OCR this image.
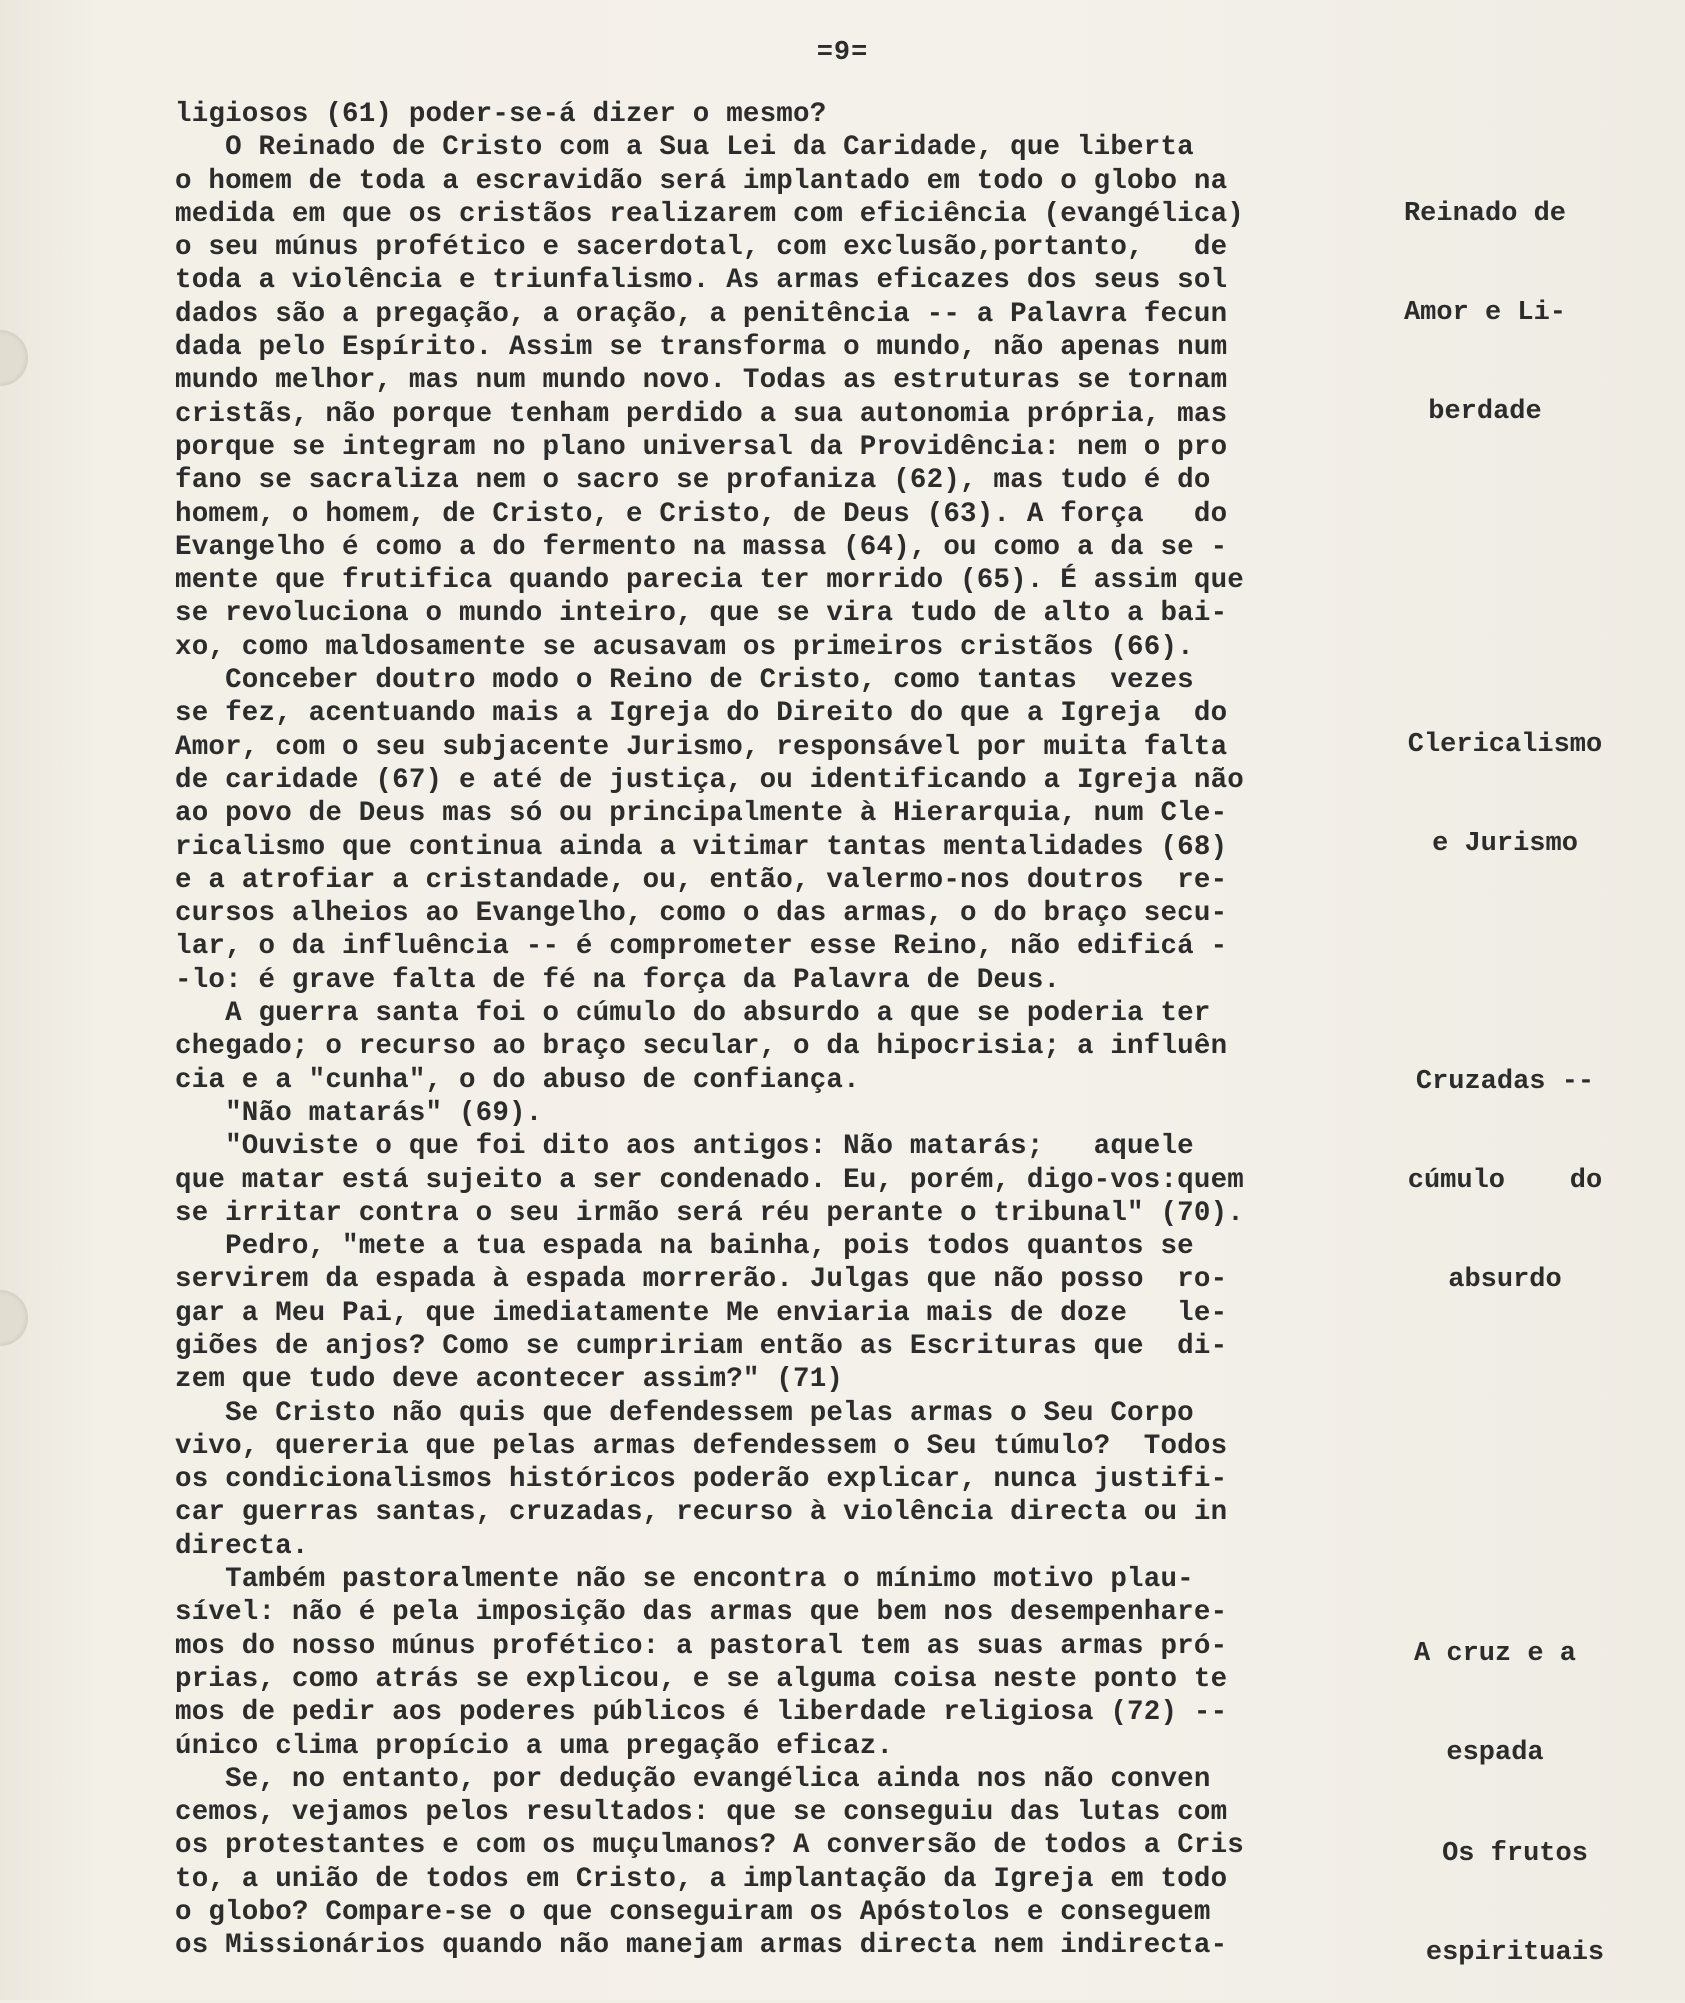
=9=
ligiosos (61) poder-se-á dizer o mesmo?
O Reinado de Cristo com a Sua Lei da Caridade, que liberta
o homem de toda a escravidão será implantado em todo o globo na
medida em que os cristãos realizarem com eficiência (evangélica)
o seu múnus profético e sacerdotal, com exclusão,portanto,   de
toda a violência e triunfalismo. As armas eficazes dos seus sol
dados são a pregação, a oração, a penitência -- a Palavra fecun
dada pelo Espírito. Assim se transforma o mundo, não apenas num
mundo melhor, mas num mundo novo. Todas as estruturas se tornam
cristãs, não porque tenham perdido a sua autonomia própria, mas
porque se integram no plano universal da Providência: nem o pro
fano se sacraliza nem o sacro se profaniza (62), mas tudo é do
homem, o homem, de Cristo, e Cristo, de Deus (63). A força   do
Evangelho é como a do fermento na massa (64), ou como a da se -
mente que frutifica quando parecia ter morrido (65). É assim que
se revoluciona o mundo inteiro, que se vira tudo de alto a bai-
xo, como maldosamente se acusavam os primeiros cristãos (66).
Conceber doutro modo o Reino de Cristo, como tantas  vezes
se fez, acentuando mais a Igreja do Direito do que a Igreja  do
Amor, com o seu subjacente Jurismo, responsável por muita falta
de caridade (67) e até de justiça, ou identificando a Igreja não
ao povo de Deus mas só ou principalmente à Hierarquia, num Cle-
ricalismo que continua ainda a vitimar tantas mentalidades (68)
e a atrofiar a cristandade, ou, então, valermo-nos doutros  re-
cursos alheios ao Evangelho, como o das armas, o do braço secu-
lar, o da influência -- é comprometer esse Reino, não edificá -
-lo: é grave falta de fé na força da Palavra de Deus.
A guerra santa foi o cúmulo do absurdo a que se poderia ter
chegado; o recurso ao braço secular, o da hipocrisia; a influên
cia e a "cunha", o do abuso de confiança.
"Não matarás" (69).
"Ouviste o que foi dito aos antigos: Não matarás;   aquele
que matar está sujeito a ser condenado. Eu, porém, digo-vos:quem
se irritar contra o seu irmão será réu perante o tribunal" (70).
Pedro, "mete a tua espada na bainha, pois todos quantos se
servirem da espada à espada morrerão. Julgas que não posso  ro-
gar a Meu Pai, que imediatamente Me enviaria mais de doze   le-
giões de anjos? Como se cumpririam então as Escrituras que  di-
zem que tudo deve acontecer assim?" (71)
Se Cristo não quis que defendessem pelas armas o Seu Corpo
vivo, quereria que pelas armas defendessem o Seu túmulo?  Todos
os condicionalismos históricos poderão explicar, nunca justifi-
car guerras santas, cruzadas, recurso à violência directa ou in
directa.
Também pastoralmente não se encontra o mínimo motivo plau-
sível: não é pela imposição das armas que bem nos desempenhare-
mos do nosso múnus profético: a pastoral tem as suas armas pró-
prias, como atrás se explicou, e se alguma coisa neste ponto te
mos de pedir aos poderes públicos é liberdade religiosa (72) --
único clima propício a uma pregação eficaz.
Se, no entanto, por dedução evangélica ainda nos não conven
cemos, vejamos pelos resultados: que se conseguiu das lutas com
os protestantes e com os muçulmanos? A conversão de todos a Cris
to, a união de todos em Cristo, a implantação da Igreja em todo
o globo? Compare-se o que conseguiram os Apóstolos e conseguem
os Missionários quando não manejam armas directa nem indirecta-

Reinado de

Amor e Li-

berdade

Clericalismo

e Jurismo

Cruzadas --

cúmulo    do

absurdo

A cruz e a

espada

Os frutos

espirituais
